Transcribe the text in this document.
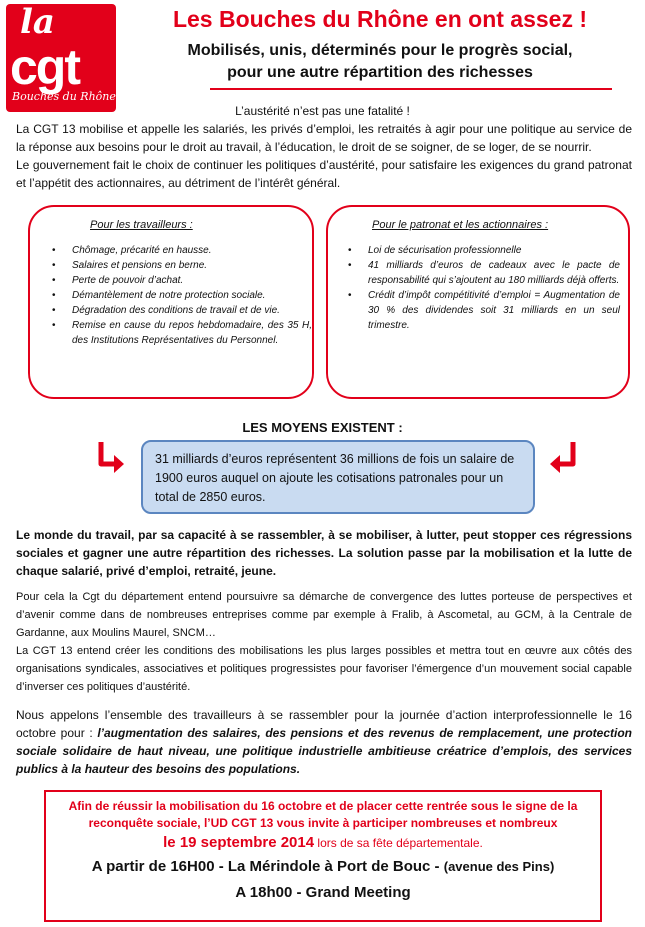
la
cgt
Bouches du Rhône
Les Bouches du Rhône en ont assez !
Mobilisés, unis, déterminés pour le progrès social,
pour une autre répartition des richesses
L’austérité n’est pas une fatalité !
La CGT 13 mobilise et appelle les salariés, les privés d’emploi, les retraités à agir pour une politique au service de la réponse aux besoins pour le droit au travail, à l’éducation, le droit de se soigner, de se loger, de se nourrir.
Le gouvernement fait le choix de continuer les politiques d’austérité, pour satisfaire les exigences du grand patronat et l’appétit des actionnaires, au détriment de l’intérêt général.
Pour les travailleurs :
• Chômage, précarité en hausse.
• Salaires et pensions en berne.
• Perte de pouvoir d’achat.
• Démantèlement de notre protection sociale.
• Dégradation des conditions de travail et de vie.
• Remise en cause du repos hebdomadaire, des 35 H, des Institutions Représentatives du Personnel.
Pour le patronat et les actionnaires :
• Loi de sécurisation professionnelle
• 41 milliards d’euros de cadeaux avec le pacte de responsabilité qui s’ajoutent au 180 milliards déjà offerts.
• Crédit d’impôt compétitivité d’emploi = Augmentation de 30 % des dividendes soit 31 milliards en un seul trimestre.
LES MOYENS EXISTENT :

31 milliards d’euros représentent 36 millions de fois un salaire de 1900 euros auquel on ajoute les cotisations patronales pour un total de 2850 euros.

Le monde du travail, par sa capacité à se rassembler, à se mobiliser, à lutter, peut stopper ces régressions sociales et gagner une autre répartition des richesses. La solution passe par la mobilisation et la lutte de chaque salarié, privé d’emploi, retraité, jeune.
Pour cela la Cgt du département entend poursuivre sa démarche de convergence des luttes porteuse de perspectives et d’avenir comme dans de nombreuses entreprises comme par exemple à Fralib, à Ascometal, au GCM, à la Centrale de Gardanne, aux Moulins Maurel, SNCM…
La CGT 13 entend créer les conditions des mobilisations les plus larges possibles et mettra tout en œuvre aux côtés des organisations syndicales, associatives et politiques progressistes pour favoriser l’émergence d’un mouvement social capable d’inverser ces politiques d’austérité.
Nous appelons l’ensemble des travailleurs à se rassembler pour la journée d’action interprofessionnelle le 16 octobre pour : l’augmentation des salaires, des pensions et des revenus de remplacement, une protection sociale solidaire de haut niveau, une politique industrielle ambitieuse créatrice d’emplois, des services publics à la hauteur des besoins des populations.
Afin de réussir la mobilisation du 16 octobre et de placer cette rentrée sous le signe de la
reconquête sociale, l’UD CGT 13 vous invite à participer nombreuses et nombreux
le 19 septembre 2014 lors de sa fête départementale.
A partir de 16H00 - La Mérindole à Port de Bouc - (avenue des Pins)
A 18h00 - Grand Meeting
